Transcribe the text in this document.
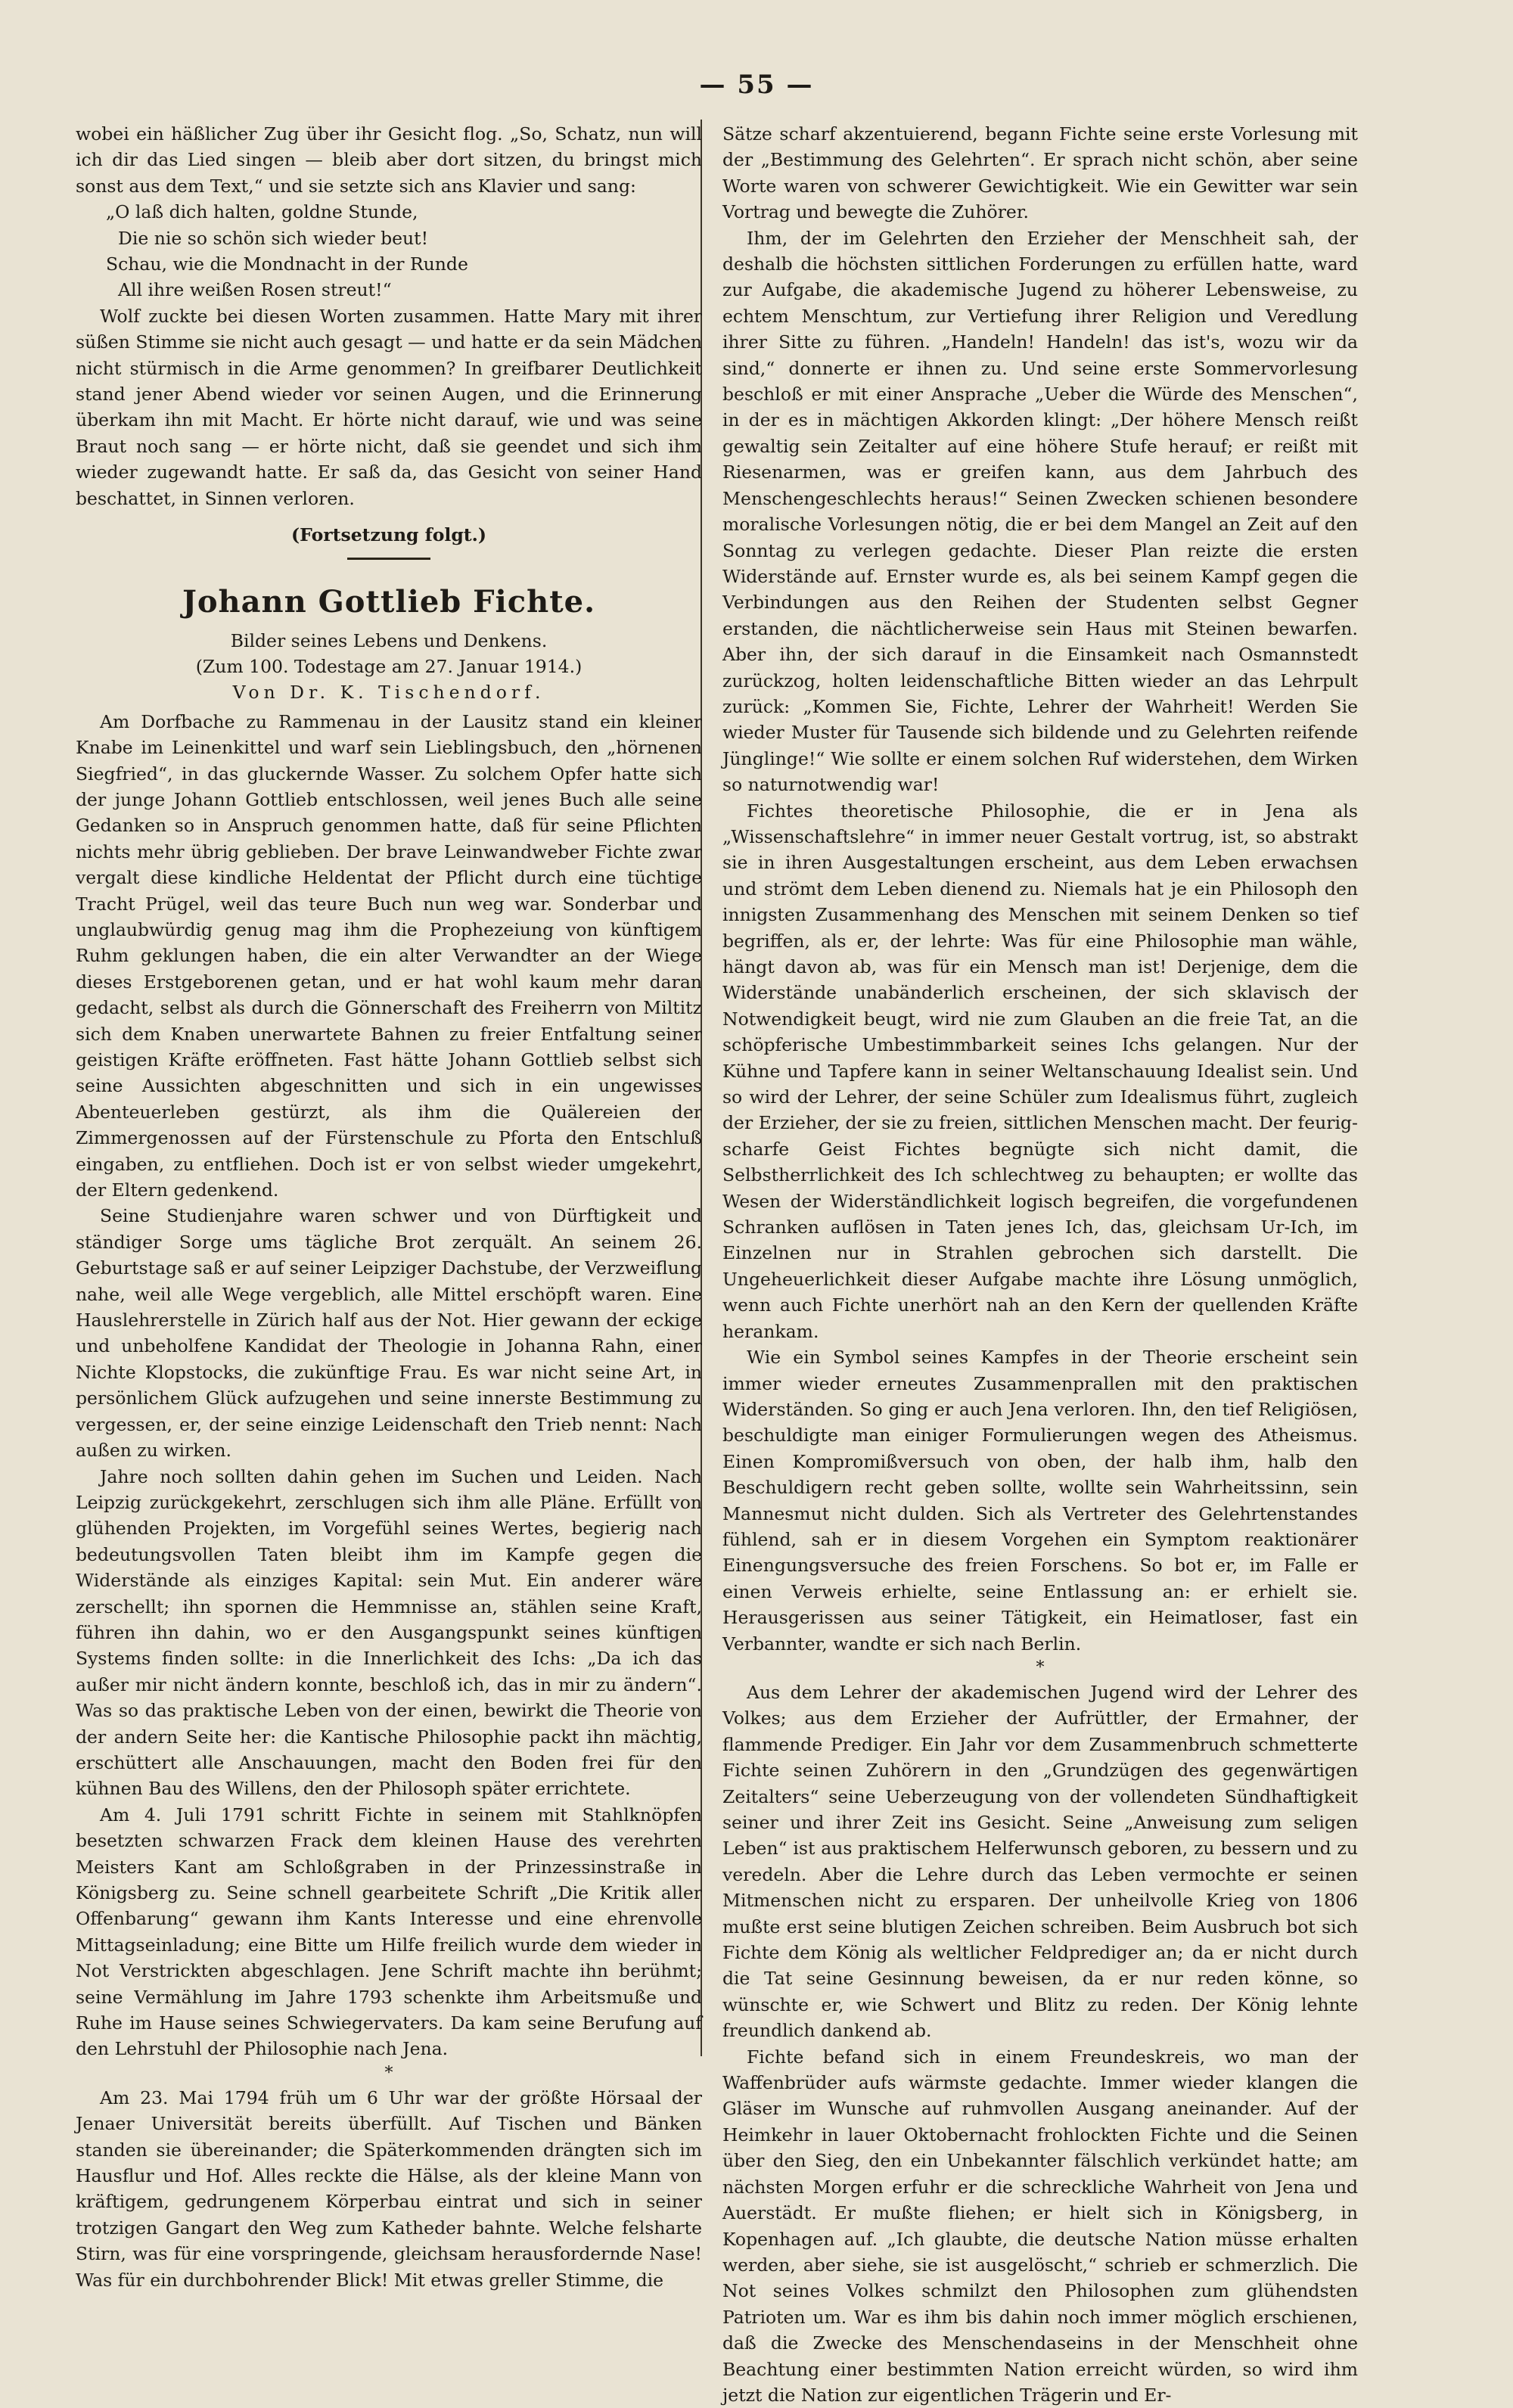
— 55 —

wobei ein häßlicher Zug über ihr Gesicht flog. „So, Schatz, nun will ich dir das Lied singen — bleib aber dort sitzen, du bringst mich sonst aus dem Text,“ und sie setzte sich ans Klavier und sang:

„O laß dich halten, goldne Stunde,
Die nie so schön sich wieder beut!
Schau, wie die Mondnacht in der Runde
All ihre weißen Rosen streut!“

Wolf zuckte bei diesen Worten zusammen. Hatte Mary mit ihrer süßen Stimme sie nicht auch gesagt — und hatte er da sein Mädchen nicht stürmisch in die Arme genommen? In greifbarer Deutlichkeit stand jener Abend wieder vor seinen Augen, und die Erinnerung überkam ihn mit Macht. Er hörte nicht darauf, wie und was seine Braut noch sang — er hörte nicht, daß sie geendet und sich ihm wieder zugewandt hatte. Er saß da, das Gesicht von seiner Hand beschattet, in Sinnen verloren.

(Fortsetzung folgt.)

Johann Gottlieb Fichte.
Bilder seines Lebens und Denkens.
(Zum 100. Todestage am 27. Januar 1914.)
Von Dr. K. Tischendorf.

Am Dorfbache zu Rammenau in der Lausitz stand ein kleiner Knabe im Leinenkittel und warf sein Lieblingsbuch, den „hörnenen Siegfried“, in das gluckernde Wasser. Zu solchem Opfer hatte sich der junge Johann Gottlieb entschlossen, weil jenes Buch alle seine Gedanken so in Anspruch genommen hatte, daß für seine Pflichten nichts mehr übrig geblieben. Der brave Leinwandweber Fichte zwar vergalt diese kindliche Heldentat der Pflicht durch eine tüchtige Tracht Prügel, weil das teure Buch nun weg war. Sonderbar und unglaubwürdig genug mag ihm die Prophezeiung von künftigem Ruhm geklungen haben, die ein alter Verwandter an der Wiege dieses Erstgeborenen getan, und er hat wohl kaum mehr daran gedacht, selbst als durch die Gönnerschaft des Freiherrn von Miltitz sich dem Knaben unerwartete Bahnen zu freier Entfaltung seiner geistigen Kräfte eröffneten. Fast hätte Johann Gottlieb selbst sich seine Aussichten abgeschnitten und sich in ein ungewisses Abenteuerleben gestürzt, als ihm die Quälereien der Zimmergenossen auf der Fürstenschule zu Pforta den Entschluß eingaben, zu entfliehen. Doch ist er von selbst wieder umgekehrt, der Eltern gedenkend.

Seine Studienjahre waren schwer und von Dürftigkeit und ständiger Sorge ums tägliche Brot zerquält. An seinem 26. Geburtstage saß er auf seiner Leipziger Dachstube, der Verzweiflung nahe, weil alle Wege vergeblich, alle Mittel erschöpft waren. Eine Hauslehrerstelle in Zürich half aus der Not. Hier gewann der eckige und unbeholfene Kandidat der Theologie in Johanna Rahn, einer Nichte Klopstocks, die zukünftige Frau. Es war nicht seine Art, in persönlichem Glück aufzugehen und seine innerste Bestimmung zu vergessen, er, der seine einzige Leidenschaft den Trieb nennt: Nach außen zu wirken.

Jahre noch sollten dahin gehen im Suchen und Leiden. Nach Leipzig zurückgekehrt, zerschlugen sich ihm alle Pläne. Erfüllt von glühenden Projekten, im Vorgefühl seines Wertes, begierig nach bedeutungsvollen Taten bleibt ihm im Kampfe gegen die Widerstände als einziges Kapital: sein Mut. Ein anderer wäre zerschellt; ihn spornen die Hemmnisse an, stählen seine Kraft, führen ihn dahin, wo er den Ausgangspunkt seines künftigen Systems finden sollte: in die Innerlichkeit des Ichs: „Da ich das außer mir nicht ändern konnte, beschloß ich, das in mir zu ändern“. Was so das praktische Leben von der einen, bewirkt die Theorie von der andern Seite her: die Kantische Philosophie packt ihn mächtig, erschüttert alle Anschauungen, macht den Boden frei für den kühnen Bau des Willens, den der Philosoph später errichtete.

Am 4. Juli 1791 schritt Fichte in seinem mit Stahlknöpfen besetzten schwarzen Frack dem kleinen Hause des verehrten Meisters Kant am Schloßgraben in der Prinzessinstraße in Königsberg zu. Seine schnell gearbeitete Schrift „Die Kritik aller Offenbarung“ gewann ihm Kants Interesse und eine ehrenvolle Mittagseinladung; eine Bitte um Hilfe freilich wurde dem wieder in Not Verstrickten abgeschlagen. Jene Schrift machte ihn berühmt; seine Vermählung im Jahre 1793 schenkte ihm Arbeitsmuße und Ruhe im Hause seines Schwiegervaters. Da kam seine Berufung auf den Lehrstuhl der Philosophie nach Jena.

*

Am 23. Mai 1794 früh um 6 Uhr war der größte Hörsaal der Jenaer Universität bereits überfüllt. Auf Tischen und Bänken standen sie übereinander; die Späterkommenden drängten sich im Hausflur und Hof. Alles reckte die Hälse, als der kleine Mann von kräftigem, gedrungenem Körperbau eintrat und sich in seiner trotzigen Gangart den Weg zum Katheder bahnte. Welche felsharte Stirn, was für eine vorspringende, gleichsam herausfordernde Nase! Was für ein durchbohrender Blick! Mit etwas greller Stimme, die

Sätze scharf akzentuierend, begann Fichte seine erste Vorlesung mit der „Bestimmung des Gelehrten“. Er sprach nicht schön, aber seine Worte waren von schwerer Gewichtigkeit. Wie ein Gewitter war sein Vortrag und bewegte die Zuhörer.

Ihm, der im Gelehrten den Erzieher der Menschheit sah, der deshalb die höchsten sittlichen Forderungen zu erfüllen hatte, ward zur Aufgabe, die akademische Jugend zu höherer Lebensweise, zu echtem Menschtum, zur Vertiefung ihrer Religion und Veredlung ihrer Sitte zu führen. „Handeln! Handeln! das ist's, wozu wir da sind,“ donnerte er ihnen zu. Und seine erste Sommervorlesung beschloß er mit einer Ansprache „Ueber die Würde des Menschen“, in der es in mächtigen Akkorden klingt: „Der höhere Mensch reißt gewaltig sein Zeitalter auf eine höhere Stufe herauf; er reißt mit Riesenarmen, was er greifen kann, aus dem Jahrbuch des Menschengeschlechts heraus!“ Seinen Zwecken schienen besondere moralische Vorlesungen nötig, die er bei dem Mangel an Zeit auf den Sonntag zu verlegen gedachte. Dieser Plan reizte die ersten Widerstände auf. Ernster wurde es, als bei seinem Kampf gegen die Verbindungen aus den Reihen der Studenten selbst Gegner erstanden, die nächtlicherweise sein Haus mit Steinen bewarfen. Aber ihn, der sich darauf in die Einsamkeit nach Osmannstedt zurückzog, holten leidenschaftliche Bitten wieder an das Lehrpult zurück: „Kommen Sie, Fichte, Lehrer der Wahrheit! Werden Sie wieder Muster für Tausende sich bildende und zu Gelehrten reifende Jünglinge!“ Wie sollte er einem solchen Ruf widerstehen, dem Wirken so naturnotwendig war!

Fichtes theoretische Philosophie, die er in Jena als „Wissenschaftslehre“ in immer neuer Gestalt vortrug, ist, so abstrakt sie in ihren Ausgestaltungen erscheint, aus dem Leben erwachsen und strömt dem Leben dienend zu. Niemals hat je ein Philosoph den innigsten Zusammenhang des Menschen mit seinem Denken so tief begriffen, als er, der lehrte: Was für eine Philosophie man wähle, hängt davon ab, was für ein Mensch man ist! Derjenige, dem die Widerstände unabänderlich erscheinen, der sich sklavisch der Notwendigkeit beugt, wird nie zum Glauben an die freie Tat, an die schöpferische Umbestimmbarkeit seines Ichs gelangen. Nur der Kühne und Tapfere kann in seiner Weltanschauung Idealist sein. Und so wird der Lehrer, der seine Schüler zum Idealismus führt, zugleich der Erzieher, der sie zu freien, sittlichen Menschen macht. Der feurig-scharfe Geist Fichtes begnügte sich nicht damit, die Selbstherrlichkeit des Ich schlechtweg zu behaupten; er wollte das Wesen der Widerständlichkeit logisch begreifen, die vorgefundenen Schranken auflösen in Taten jenes Ich, das, gleichsam Ur-Ich, im Einzelnen nur in Strahlen gebrochen sich darstellt. Die Ungeheuerlichkeit dieser Aufgabe machte ihre Lösung unmöglich, wenn auch Fichte unerhört nah an den Kern der quellenden Kräfte herankam.

Wie ein Symbol seines Kampfes in der Theorie erscheint sein immer wieder erneutes Zusammenprallen mit den praktischen Widerständen. So ging er auch Jena verloren. Ihn, den tief Religiösen, beschuldigte man einiger Formulierungen wegen des Atheismus. Einen Kompromißversuch von oben, der halb ihm, halb den Beschuldigern recht geben sollte, wollte sein Wahrheitssinn, sein Mannesmut nicht dulden. Sich als Vertreter des Gelehrtenstandes fühlend, sah er in diesem Vorgehen ein Symptom reaktionärer Einengungsversuche des freien Forschens. So bot er, im Falle er einen Verweis erhielte, seine Entlassung an: er erhielt sie. Herausgerissen aus seiner Tätigkeit, ein Heimatloser, fast ein Verbannter, wandte er sich nach Berlin.

*

Aus dem Lehrer der akademischen Jugend wird der Lehrer des Volkes; aus dem Erzieher der Aufrüttler, der Ermahner, der flammende Prediger. Ein Jahr vor dem Zusammenbruch schmetterte Fichte seinen Zuhörern in den „Grundzügen des gegenwärtigen Zeitalters“ seine Ueberzeugung von der vollendeten Sündhaftigkeit seiner und ihrer Zeit ins Gesicht. Seine „Anweisung zum seligen Leben“ ist aus praktischem Helferwunsch geboren, zu bessern und zu veredeln. Aber die Lehre durch das Leben vermochte er seinen Mitmenschen nicht zu ersparen. Der unheilvolle Krieg von 1806 mußte erst seine blutigen Zeichen schreiben. Beim Ausbruch bot sich Fichte dem König als weltlicher Feldprediger an; da er nicht durch die Tat seine Gesinnung beweisen, da er nur reden könne, so wünschte er, wie Schwert und Blitz zu reden. Der König lehnte freundlich dankend ab.

Fichte befand sich in einem Freundeskreis, wo man der Waffenbrüder aufs wärmste gedachte. Immer wieder klangen die Gläser im Wunsche auf ruhmvollen Ausgang aneinander. Auf der Heimkehr in lauer Oktobernacht frohlockten Fichte und die Seinen über den Sieg, den ein Unbekannter fälschlich verkündet hatte; am nächsten Morgen erfuhr er die schreckliche Wahrheit von Jena und Auerstädt. Er mußte fliehen; er hielt sich in Königsberg, in Kopenhagen auf. „Ich glaubte, die deutsche Nation müsse erhalten werden, aber siehe, sie ist ausgelöscht,“ schrieb er schmerzlich. Die Not seines Volkes schmilzt den Philosophen zum glühendsten Patrioten um. War es ihm bis dahin noch immer möglich erschienen, daß die Zwecke des Menschendaseins in der Menschheit ohne Beachtung einer bestimmten Nation erreicht würden, so wird ihm jetzt die Nation zur eigentlichen Trägerin und Er-
